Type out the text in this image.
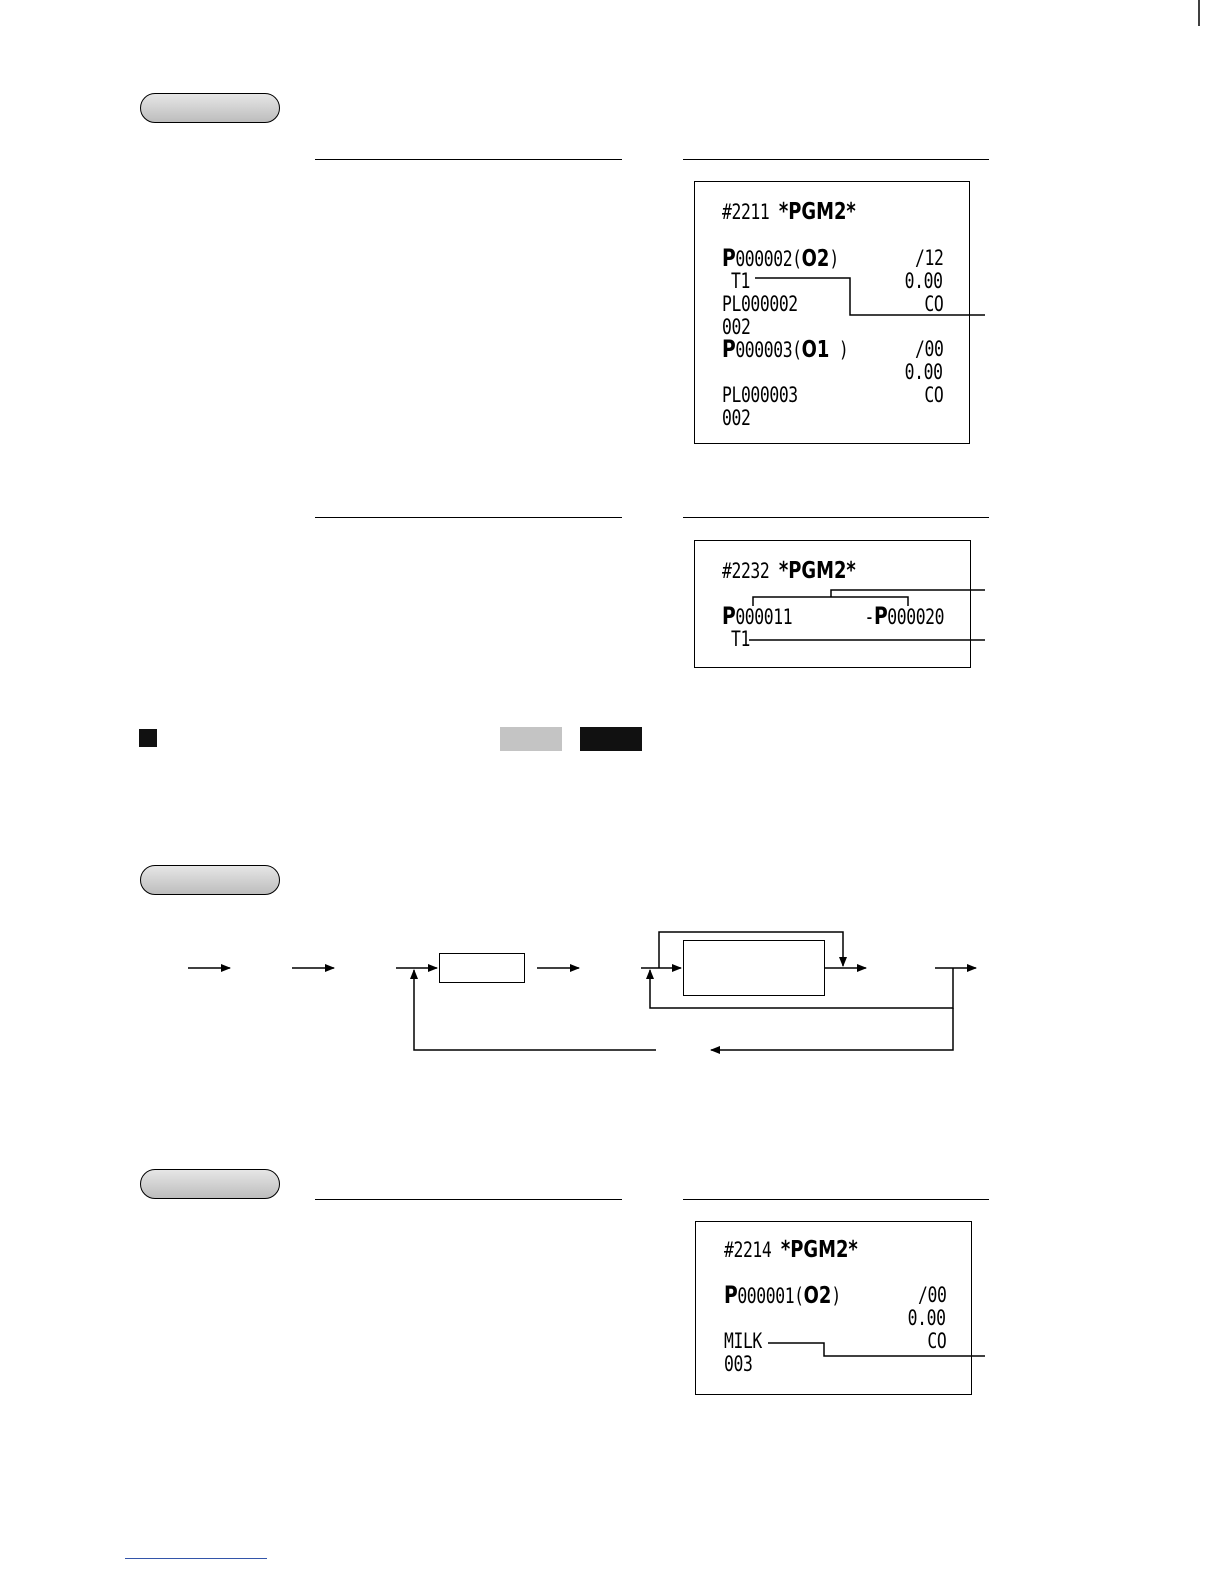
#2211 *PGM2*
P000002(O2)	/12
T1	0.00
PL000002	CO
002
P000003(O1 )	/00
0.00
PL000003	CO
002
#2232 *PGM2*
P000011	-P000020
T1
#2214 *PGM2*
P000001(O2)	/00
0.00
MILK	CO
003
